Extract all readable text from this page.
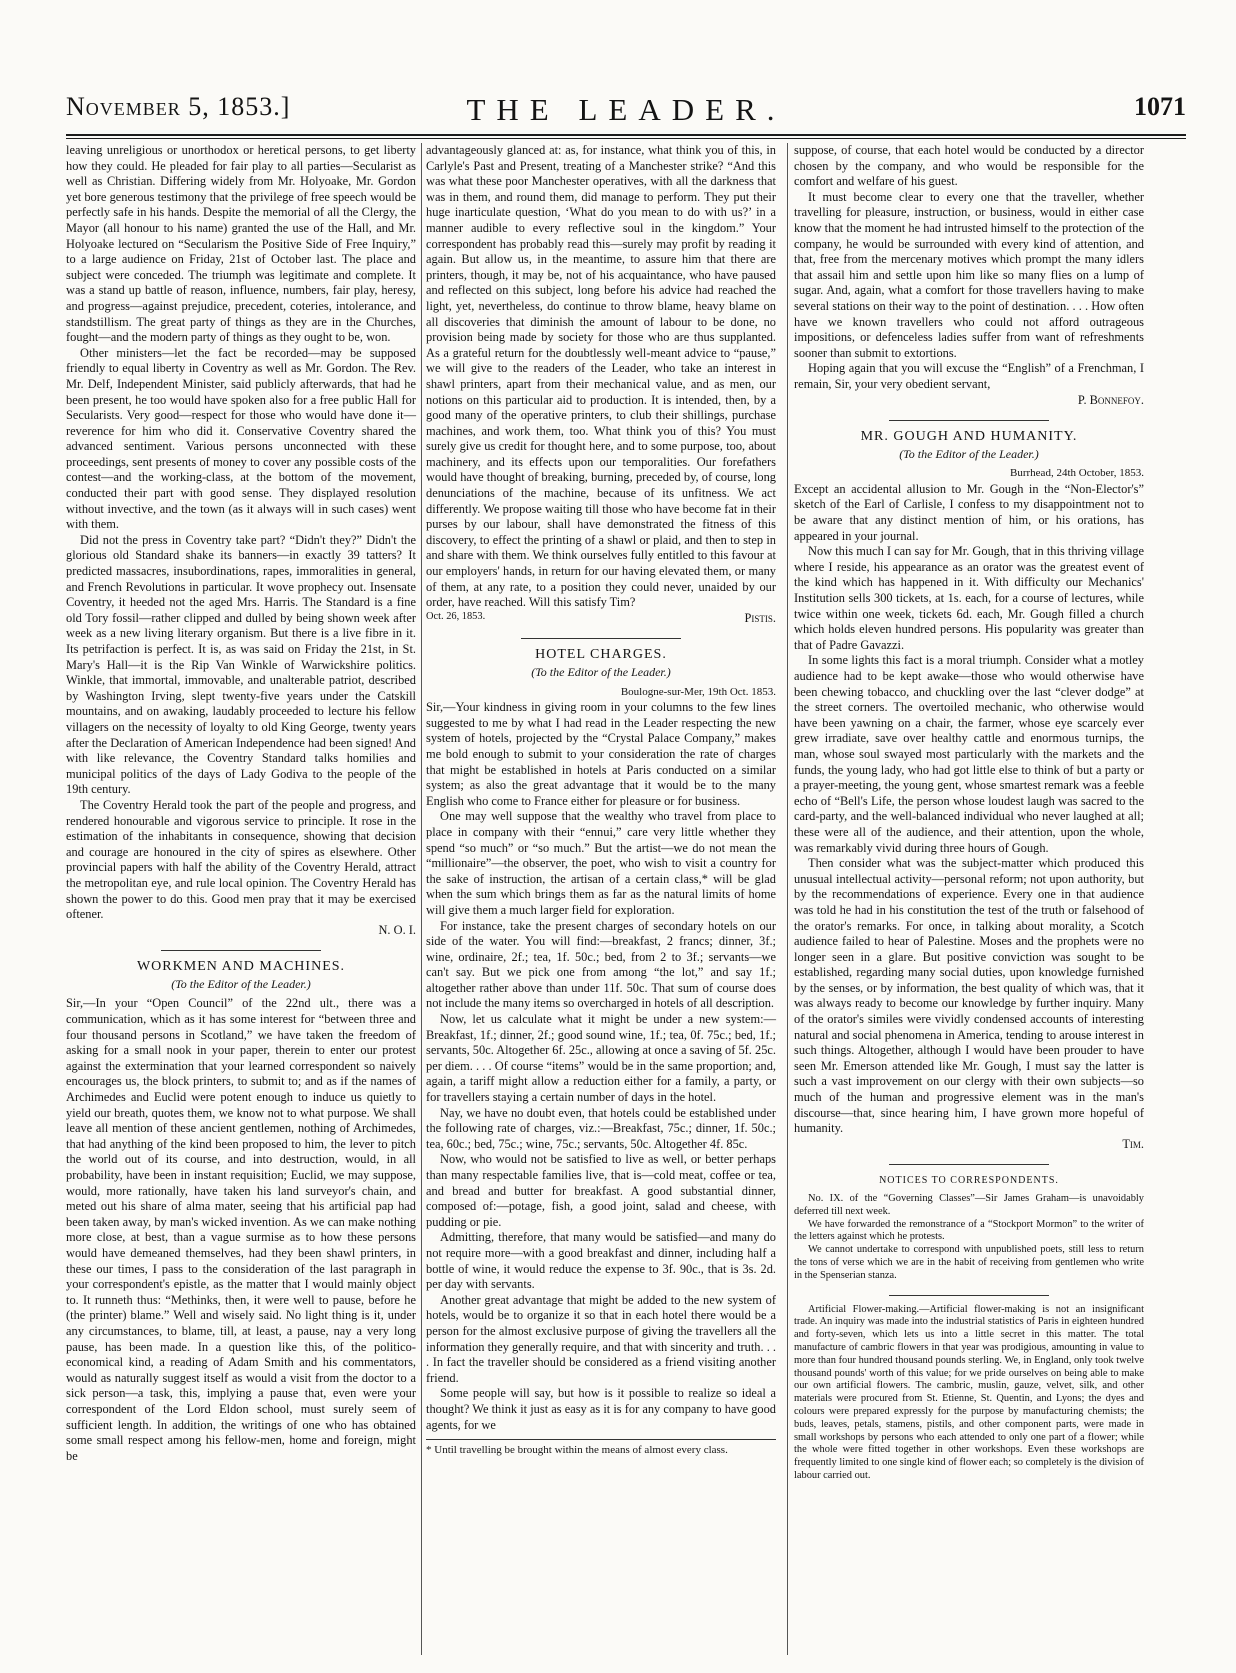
November 5, 1853.]	THE LEADER.	1071

leaving unreligious or unorthodox or heretical persons, to get liberty how they could. He pleaded for fair play to all parties—Secularist as well as Christian. Differing widely from Mr. Holyoake, Mr. Gordon yet bore generous testimony that the privilege of free speech would be perfectly safe in his hands. Despite the memorial of all the Clergy, the Mayor (all honour to his name) granted the use of the Hall, and Mr. Holyoake lectured on “Secularism the Positive Side of Free Inquiry,” to a large audience on Friday, 21st of October last. The place and subject were conceded. The triumph was legitimate and complete. It was a stand up battle of reason, influence, numbers, fair play, heresy, and progress—against prejudice, precedent, coteries, intolerance, and standstillism. The great party of things as they are in the Churches, fought—and the modern party of things as they ought to be, won.

Other ministers—let the fact be recorded—may be supposed friendly to equal liberty in Coventry as well as Mr. Gordon. The Rev. Mr. Delf, Independent Minister, said publicly afterwards, that had he been present, he too would have spoken also for a free public Hall for Secularists. Very good—respect for those who would have done it—reverence for him who did it. Conservative Coventry shared the advanced sentiment. Various persons unconnected with these proceedings, sent presents of money to cover any possible costs of the contest—and the working-class, at the bottom of the movement, conducted their part with good sense. They displayed resolution without invective, and the town (as it always will in such cases) went with them.

Did not the press in Coventry take part? “Didn't they?” Didn't the glorious old Standard shake its banners—in exactly 39 tatters? It predicted massacres, insubordinations, rapes, immoralities in general, and French Revolutions in particular. It wove prophecy out. Insensate Coventry, it heeded not the aged Mrs. Harris. The Standard is a fine old Tory fossil—rather clipped and dulled by being shown week after week as a new living literary organism. But there is a live fibre in it. Its petrifaction is perfect. It is, as was said on Friday the 21st, in St. Mary's Hall—it is the Rip Van Winkle of Warwickshire politics. Winkle, that immortal, immovable, and unalterable patriot, described by Washington Irving, slept twenty-five years under the Catskill mountains, and on awaking, laudably proceeded to lecture his fellow villagers on the necessity of loyalty to old King George, twenty years after the Declaration of American Independence had been signed! And with like relevance, the Coventry Standard talks homilies and municipal politics of the days of Lady Godiva to the people of the 19th century.

The Coventry Herald took the part of the people and progress, and rendered honourable and vigorous service to principle. It rose in the estimation of the inhabitants in consequence, showing that decision and courage are honoured in the city of spires as elsewhere. Other provincial papers with half the ability of the Coventry Herald, attract the metropolitan eye, and rule local opinion. The Coventry Herald has shown the power to do this. Good men pray that it may be exercised oftener.

N. O. I.
WORKMEN AND MACHINES.
(To the Editor of the Leader.)

Sir,—In your “Open Council” of the 22nd ult., there was a communication, which as it has some interest for “between three and four thousand persons in Scotland,” we have taken the freedom of asking for a small nook in your paper, therein to enter our protest against the extermination that your learned correspondent so naively encourages us, the block printers, to submit to; and as if the names of Archimedes and Euclid were potent enough to induce us quietly to yield our breath, quotes them, we know not to what purpose. We shall leave all mention of these ancient gentlemen, nothing of Archimedes, that had anything of the kind been proposed to him, the lever to pitch the world out of its course, and into destruction, would, in all probability, have been in instant requisition; Euclid, we may suppose, would, more rationally, have taken his land surveyor's chain, and meted out his share of alma mater, seeing that his artificial pap had been taken away, by man's wicked invention. As we can make nothing more close, at best, than a vague surmise as to how these persons would have demeaned themselves, had they been shawl printers, in these our times, I pass to the consideration of the last paragraph in your correspondent's epistle, as the matter that I would mainly object to. It runneth thus: “Methinks, then, it were well to pause, before he (the printer) blame.” Well and wisely said. No light thing is it, under any circumstances, to blame, till, at least, a pause, nay a very long pause, has been made. In a question like this, of the politico-economical kind, a reading of Adam Smith and his commentators, would as naturally suggest itself as would a visit from the doctor to a sick person—a task, this, implying a pause that, even were your correspondent of the Lord Eldon school, must surely seem of sufficient length. In addition, the writings of one who has obtained some small respect among his fellow-men, home and foreign, might be

advantageously glanced at: as, for instance, what think you of this, in Carlyle's Past and Present, treating of a Manchester strike? “And this was what these poor Manchester operatives, with all the darkness that was in them, and round them, did manage to perform. They put their huge inarticulate question, ‘What do you mean to do with us?’ in a manner audible to every reflective soul in the kingdom.” Your correspondent has probably read this—surely may profit by reading it again. But allow us, in the meantime, to assure him that there are printers, though, it may be, not of his acquaintance, who have paused and reflected on this subject, long before his advice had reached the light, yet, nevertheless, do continue to throw blame, heavy blame on all discoveries that diminish the amount of labour to be done, no provision being made by society for those who are thus supplanted. As a grateful return for the doubtlessly well-meant advice to “pause,” we will give to the readers of the Leader, who take an interest in shawl printers, apart from their mechanical value, and as men, our notions on this particular aid to production. It is intended, then, by a good many of the operative printers, to club their shillings, purchase machines, and work them, too. What think you of this? You must surely give us credit for thought here, and to some purpose, too, about machinery, and its effects upon our temporalities. Our forefathers would have thought of breaking, burning, preceded by, of course, long denunciations of the machine, because of its unfitness. We act differently. We propose waiting till those who have become fat in their purses by our labour, shall have demonstrated the fitness of this discovery, to effect the printing of a shawl or plaid, and then to step in and share with them. We think ourselves fully entitled to this favour at our employers' hands, in return for our having elevated them, or many of them, at any rate, to a position they could never, unaided by our order, have reached. Will this satisfy Tim?

Oct. 26, 1853.	Pistis.
HOTEL CHARGES.
(To the Editor of the Leader.)
Boulogne-sur-Mer, 19th Oct. 1853.

Sir,—Your kindness in giving room in your columns to the few lines suggested to me by what I had read in the Leader respecting the new system of hotels, projected by the “Crystal Palace Company,” makes me bold enough to submit to your consideration the rate of charges that might be established in hotels at Paris conducted on a similar system; as also the great advantage that it would be to the many English who come to France either for pleasure or for business.

One may well suppose that the wealthy who travel from place to place in company with their “ennui,” care very little whether they spend “so much” or “so much.” But the artist—we do not mean the “millionaire”—the observer, the poet, who wish to visit a country for the sake of instruction, the artisan of a certain class,* will be glad when the sum which brings them as far as the natural limits of home will give them a much larger field for exploration.

For instance, take the present charges of secondary hotels on our side of the water. You will find:—breakfast, 2 francs; dinner, 3f.; wine, ordinaire, 2f.; tea, 1f. 50c.; bed, from 2 to 3f.; servants—we can't say. But we pick one from among “the lot,” and say 1f.; altogether rather above than under 11f. 50c. That sum of course does not include the many items so overcharged in hotels of all description.

Now, let us calculate what it might be under a new system:—Breakfast, 1f.; dinner, 2f.; good sound wine, 1f.; tea, 0f. 75c.; bed, 1f.; servants, 50c. Altogether 6f. 25c., allowing at once a saving of 5f. 25c. per diem. . . . Of course “items” would be in the same proportion; and, again, a tariff might allow a reduction either for a family, a party, or for travellers staying a certain number of days in the hotel.

Nay, we have no doubt even, that hotels could be established under the following rate of charges, viz.:—Breakfast, 75c.; dinner, 1f. 50c.; tea, 60c.; bed, 75c.; wine, 75c.; servants, 50c. Altogether 4f. 85c.

Now, who would not be satisfied to live as well, or better perhaps than many respectable families live, that is—cold meat, coffee or tea, and bread and butter for breakfast. A good substantial dinner, composed of:—potage, fish, a good joint, salad and cheese, with pudding or pie.

Admitting, therefore, that many would be satisfied—and many do not require more—with a good breakfast and dinner, including half a bottle of wine, it would reduce the expense to 3f. 90c., that is 3s. 2d. per day with servants.

Another great advantage that might be added to the new system of hotels, would be to organize it so that in each hotel there would be a person for the almost exclusive purpose of giving the travellers all the information they generally require, and that with sincerity and truth. . . . In fact the traveller should be considered as a friend visiting another friend.

Some people will say, but how is it possible to realize so ideal a thought? We think it just as easy as it is for any company to have good agents, for we

* Until travelling be brought within the means of almost every class.

suppose, of course, that each hotel would be conducted by a director chosen by the company, and who would be responsible for the comfort and welfare of his guest.

It must become clear to every one that the traveller, whether travelling for pleasure, instruction, or business, would in either case know that the moment he had intrusted himself to the protection of the company, he would be surrounded with every kind of attention, and that, free from the mercenary motives which prompt the many idlers that assail him and settle upon him like so many flies on a lump of sugar. And, again, what a comfort for those travellers having to make several stations on their way to the point of destination. . . . How often have we known travellers who could not afford outrageous impositions, or defenceless ladies suffer from want of refreshments sooner than submit to extortions.

Hoping again that you will excuse the “English” of a Frenchman, I remain, Sir, your very obedient servant,

P. Bonnefoy.
MR. GOUGH AND HUMANITY.
(To the Editor of the Leader.)
Burrhead, 24th October, 1853.

Except an accidental allusion to Mr. Gough in the “Non-Elector's” sketch of the Earl of Carlisle, I confess to my disappointment not to be aware that any distinct mention of him, or his orations, has appeared in your journal.

Now this much I can say for Mr. Gough, that in this thriving village where I reside, his appearance as an orator was the greatest event of the kind which has happened in it. With difficulty our Mechanics' Institution sells 300 tickets, at 1s. each, for a course of lectures, while twice within one week, tickets 6d. each, Mr. Gough filled a church which holds eleven hundred persons. His popularity was greater than that of Padre Gavazzi.

In some lights this fact is a moral triumph. Consider what a motley audience had to be kept awake—those who would otherwise have been chewing tobacco, and chuckling over the last “clever dodge” at the street corners. The overtoiled mechanic, who otherwise would have been yawning on a chair, the farmer, whose eye scarcely ever grew irradiate, save over healthy cattle and enormous turnips, the man, whose soul swayed most particularly with the markets and the funds, the young lady, who had got little else to think of but a party or a prayer-meeting, the young gent, whose smartest remark was a feeble echo of “Bell's Life, the person whose loudest laugh was sacred to the card-party, and the well-balanced individual who never laughed at all; these were all of the audience, and their attention, upon the whole, was remarkably vivid during three hours of Gough.

Then consider what was the subject-matter which produced this unusual intellectual activity—personal reform; not upon authority, but by the recommendations of experience. Every one in that audience was told he had in his constitution the test of the truth or falsehood of the orator's remarks. For once, in talking about morality, a Scotch audience failed to hear of Palestine. Moses and the prophets were no longer seen in a glare. But positive conviction was sought to be established, regarding many social duties, upon knowledge furnished by the senses, or by information, the best quality of which was, that it was always ready to become our knowledge by further inquiry. Many of the orator's similes were vividly condensed accounts of interesting natural and social phenomena in America, tending to arouse interest in such things. Altogether, although I would have been prouder to have seen Mr. Emerson attended like Mr. Gough, I must say the latter is such a vast improvement on our clergy with their own subjects—so much of the human and progressive element was in the man's discourse—that, since hearing him, I have grown more hopeful of humanity.

Tim.
NOTICES TO CORRESPONDENTS.

No. IX. of the “Governing Classes”—Sir James Graham—is unavoidably deferred till next week.

We have forwarded the remonstrance of a “Stockport Mormon” to the writer of the letters against which he protests.

We cannot undertake to correspond with unpublished poets, still less to return the tons of verse which we are in the habit of receiving from gentlemen who write in the Spenserian stanza.

Artificial Flower-making.—Artificial flower-making is not an insignificant trade. An inquiry was made into the industrial statistics of Paris in eighteen hundred and forty-seven, which lets us into a little secret in this matter. The total manufacture of cambric flowers in that year was prodigious, amounting in value to more than four hundred thousand pounds sterling. We, in England, only took twelve thousand pounds' worth of this value; for we pride ourselves on being able to make our own artificial flowers. The cambric, muslin, gauze, velvet, silk, and other materials were procured from St. Etienne, St. Quentin, and Lyons; the dyes and colours were prepared expressly for the purpose by manufacturing chemists; the buds, leaves, petals, stamens, pistils, and other component parts, were made in small workshops by persons who each attended to only one part of a flower; while the whole were fitted together in other workshops. Even these workshops are frequently limited to one single kind of flower each; so completely is the division of labour carried out.
